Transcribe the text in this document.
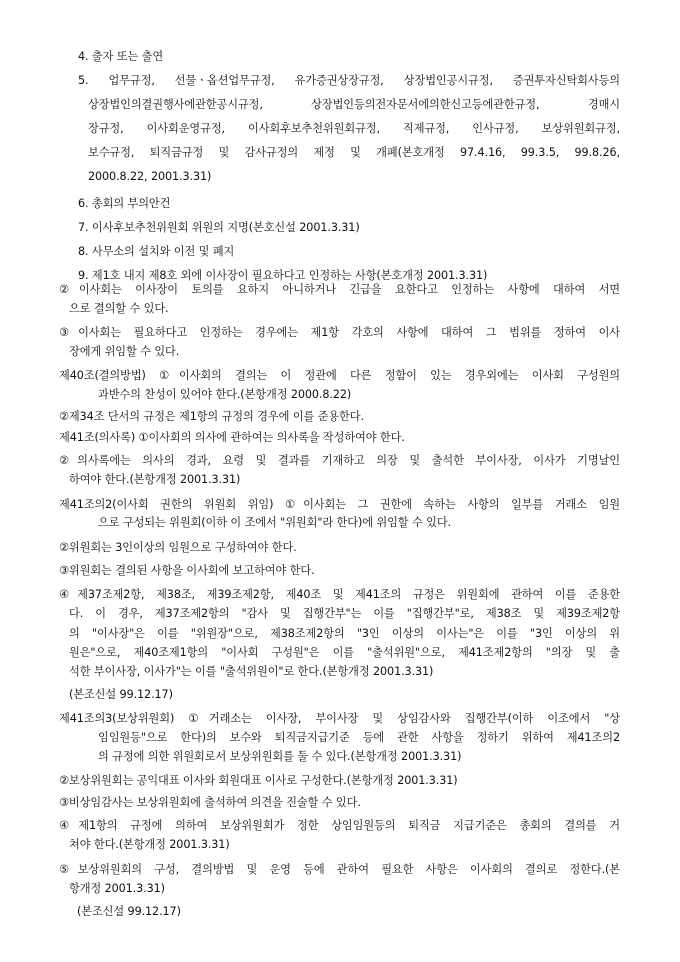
4. 출자 또는 출연
5. 업무규정, 선물ㆍ옵션업무규정, 유가증권상장규정, 상장법인공시규정, 증권투자신탁회사등의
상장법인의결권행사에관한공시규정, 상장법인등의전자문서에의한신고등에관한규정, 경매시
장규정, 이사회운영규정, 이사회후보추천위원회규정, 직제규정, 인사규정, 보상위원회규정,
보수규정, 퇴직금규정 및 감사규정의 제정 및 개폐(본호개정 97.4.16, 99.3.5, 99.8.26,
2000.8.22, 2001.3.31)
6. 총회의 부의안건
7. 이사후보추천위원회 위원의 지명(본호신설 2001.3.31)
8. 사무소의 설치와 이전 및 폐지
9. 제1호 내지 제8호 외에 이사장이 필요하다고 인정하는 사항(본호개정 2001.3.31)
②이사회는 이사장이 토의를 요하지 아니하거나 긴급을 요한다고 인정하는 사항에 대하여 서면
으로 결의할 수 있다.
③이사회는 필요하다고 인정하는 경우에는 제1항 각호의 사항에 대하여 그 범위를 정하여 이사
장에게 위임할 수 있다.
제40조(결의방법) ①이사회의 결의는 이 정관에 다른 정함이 있는 경우외에는 이사회 구성원의
과반수의 찬성이 있어야 한다.(본항개정 2000.8.22)
②제34조 단서의 규정은 제1항의 규정의 경우에 이를 준용한다.
제41조(의사록) ①이사회의 의사에 관하여는 의사록을 작성하여야 한다.
②의사록에는 의사의 경과, 요령 및 결과를 기재하고 의장 및 출석한 부이사장, 이사가 기명날인
하여야 한다.(본항개정 2001.3.31)
제41조의2(이사회 권한의 위원회 위임) ①이사회는 그 권한에 속하는 사항의 일부를 거래소 임원
으로 구성되는 위원회(이하 이 조에서 "위원회"라 한다)에 위임할 수 있다.
②위원회는 3인이상의 임원으로 구성하여야 한다.
③위원회는 결의된 사항을 이사회에 보고하여야 한다.
④제37조제2항, 제38조, 제39조제2항, 제40조 및 제41조의 규정은 위원회에 관하여 이를 준용한
다. 이 경우, 제37조제2항의 "감사 및 집행간부"는 이를 "집행간부"로, 제38조 및 제39조제2항
의 "이사장"은 이를 "위원장"으로, 제38조제2항의 "3인 이상의 이사는"은 이를 "3인 이상의 위
원은"으로, 제40조제1항의 "이사회 구성원"은 이를 "출석위원"으로, 제41조제2항의 "의장 및 출
석한 부이사장, 이사가"는 이를 "출석위원이"로 한다.(본항개정 2001.3.31)
(본조신설 99.12.17)
제41조의3(보상위원회) ①거래소는 이사장, 부이사장 및 상임감사와 집행간부(이하 이조에서 "상
임임원등"으로 한다)의 보수와 퇴직금지급기준 등에 관한 사항을 정하기 위하여 제41조의2
의 규정에 의한 위원회로서 보상위원회를 둘 수 있다.(본항개정 2001.3.31)
②보상위원회는 공익대표 이사와 회원대표 이사로 구성한다.(본항개정 2001.3.31)
③비상임감사는 보상위원회에 출석하여 의견을 진술할 수 있다.
④제1항의 규정에 의하여 보상위원회가 정한 상임임원등의 퇴직금 지급기준은 총회의 결의를 거
쳐야 한다.(본항개정 2001.3.31)
⑤보상위원회의 구성, 결의방법 및 운영 등에 관하여 필요한 사항은 이사회의 결의로 정한다.(본
항개정 2001.3.31)
(본조신설 99.12.17)
